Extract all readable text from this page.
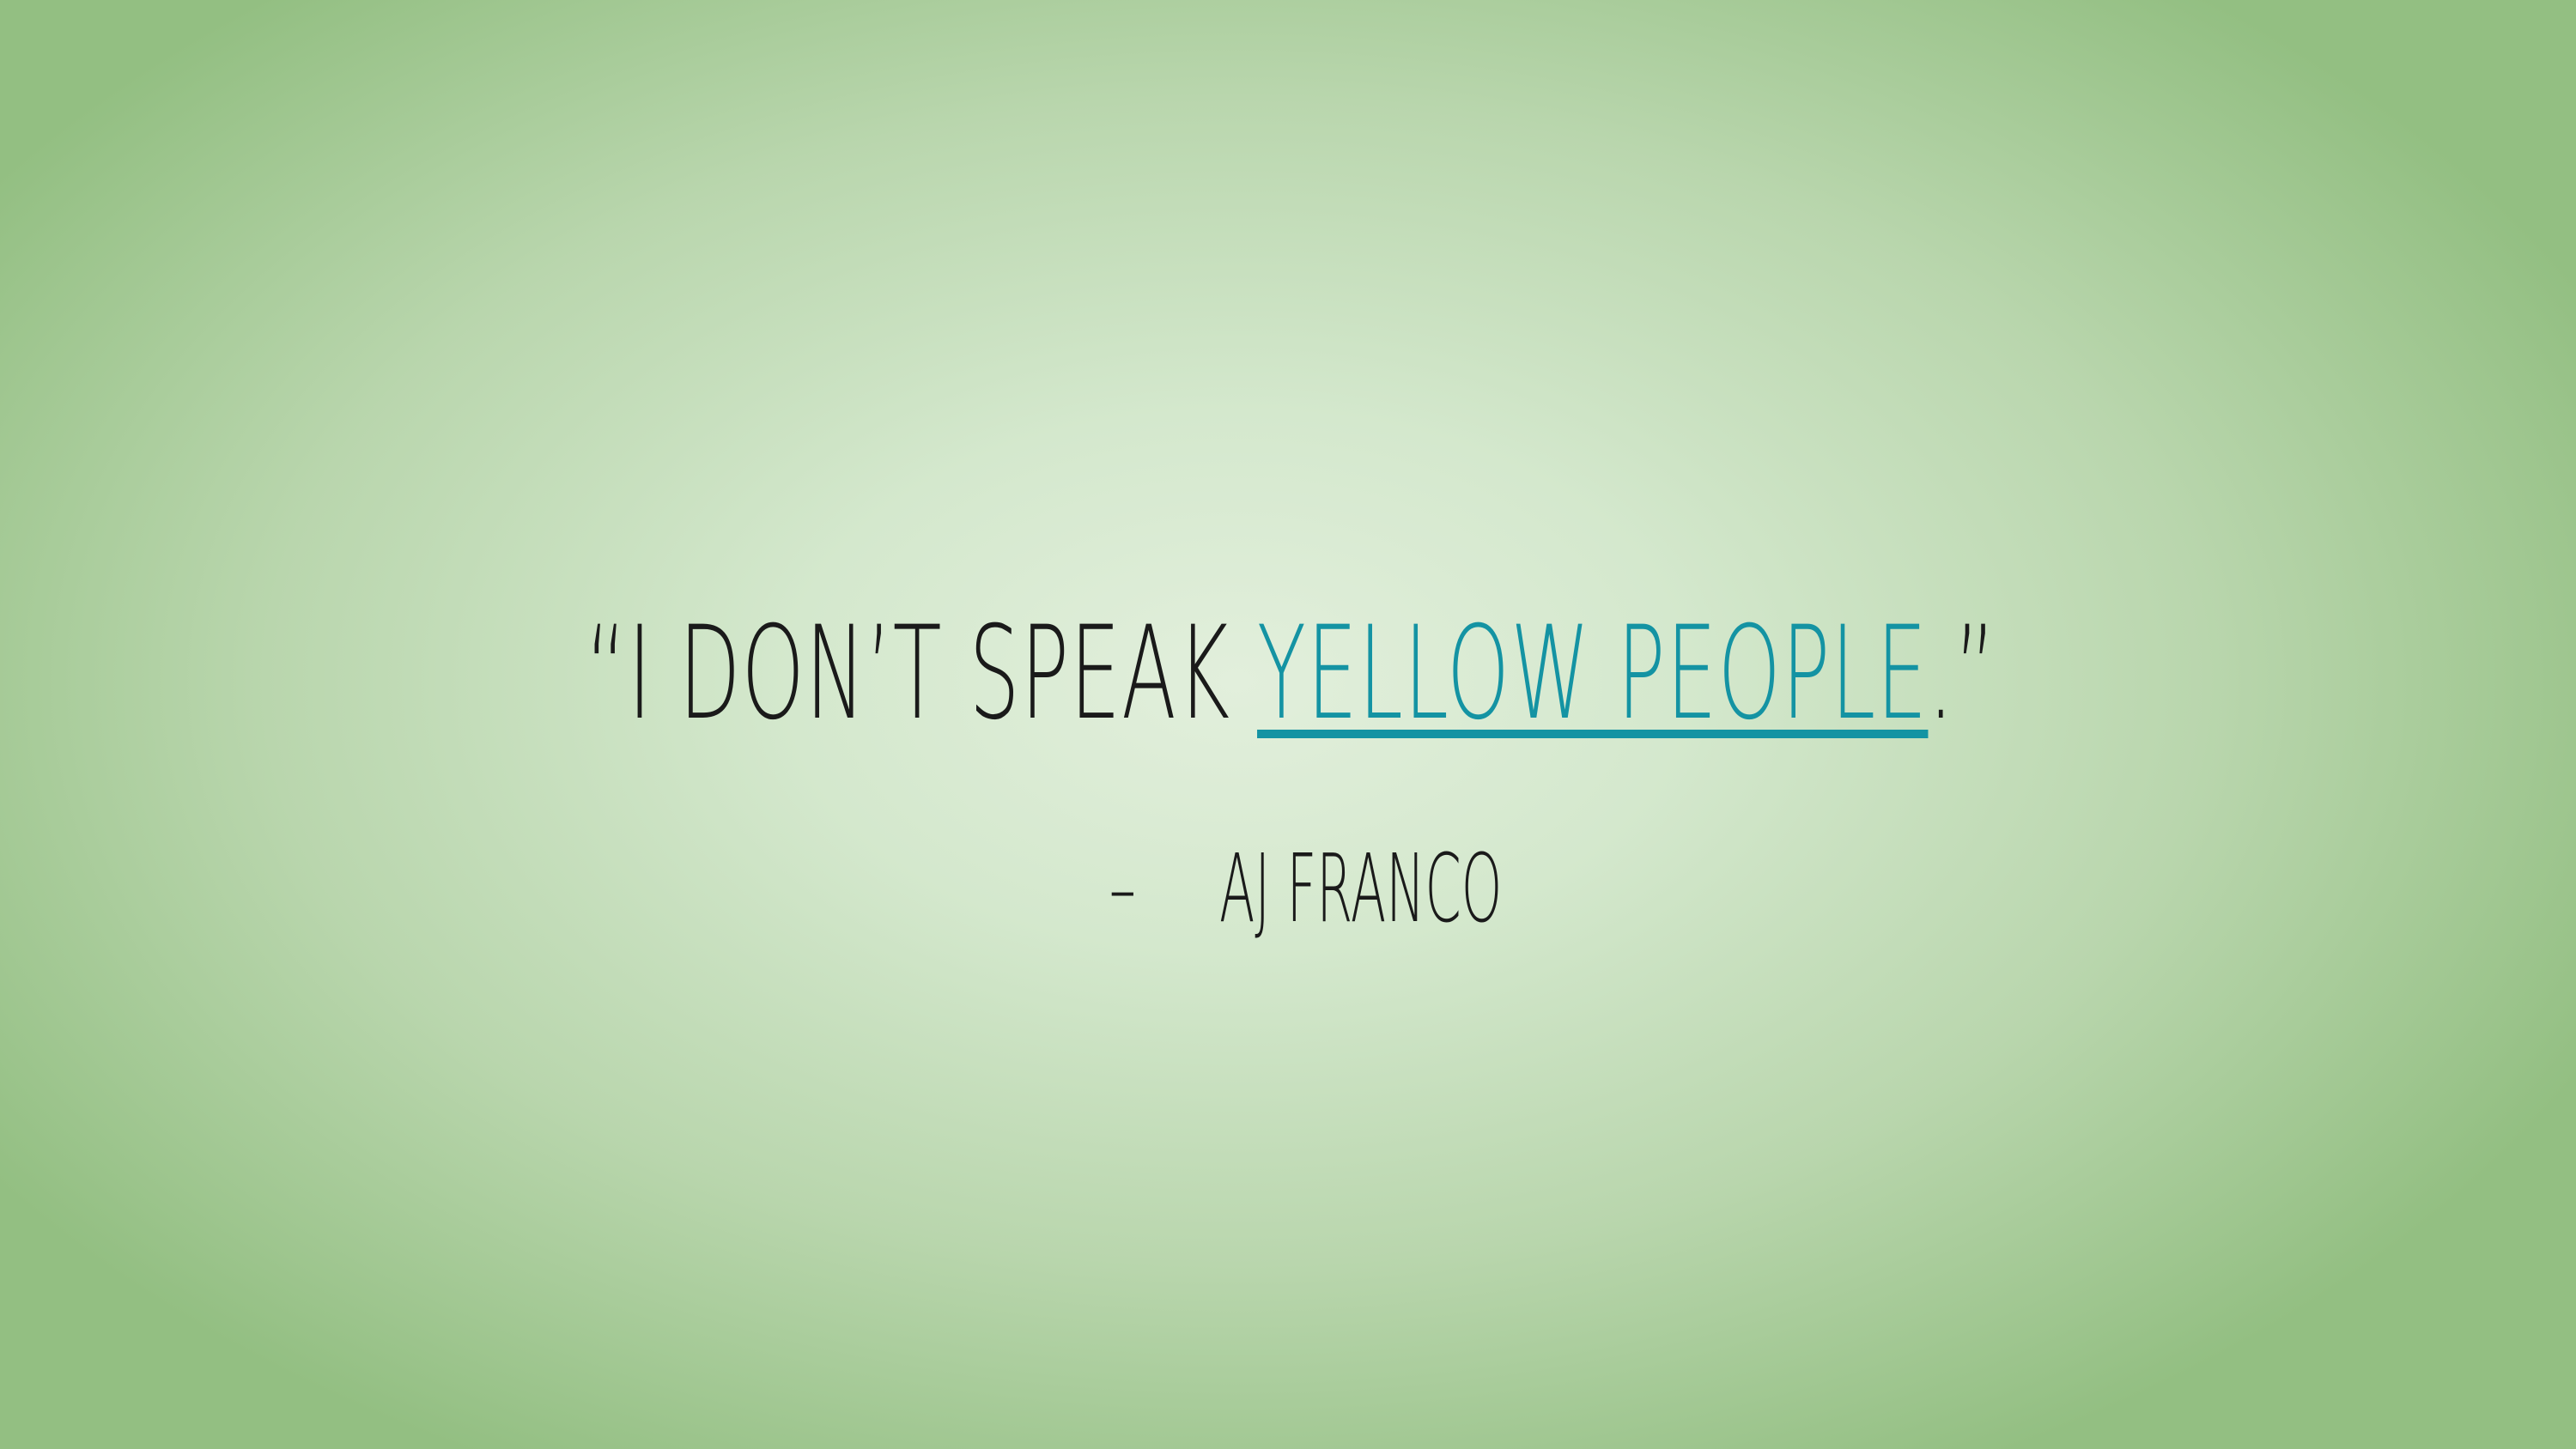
“I DON’T SPEAK YELLOW PEOPLE.”
- AJ FRANCO
